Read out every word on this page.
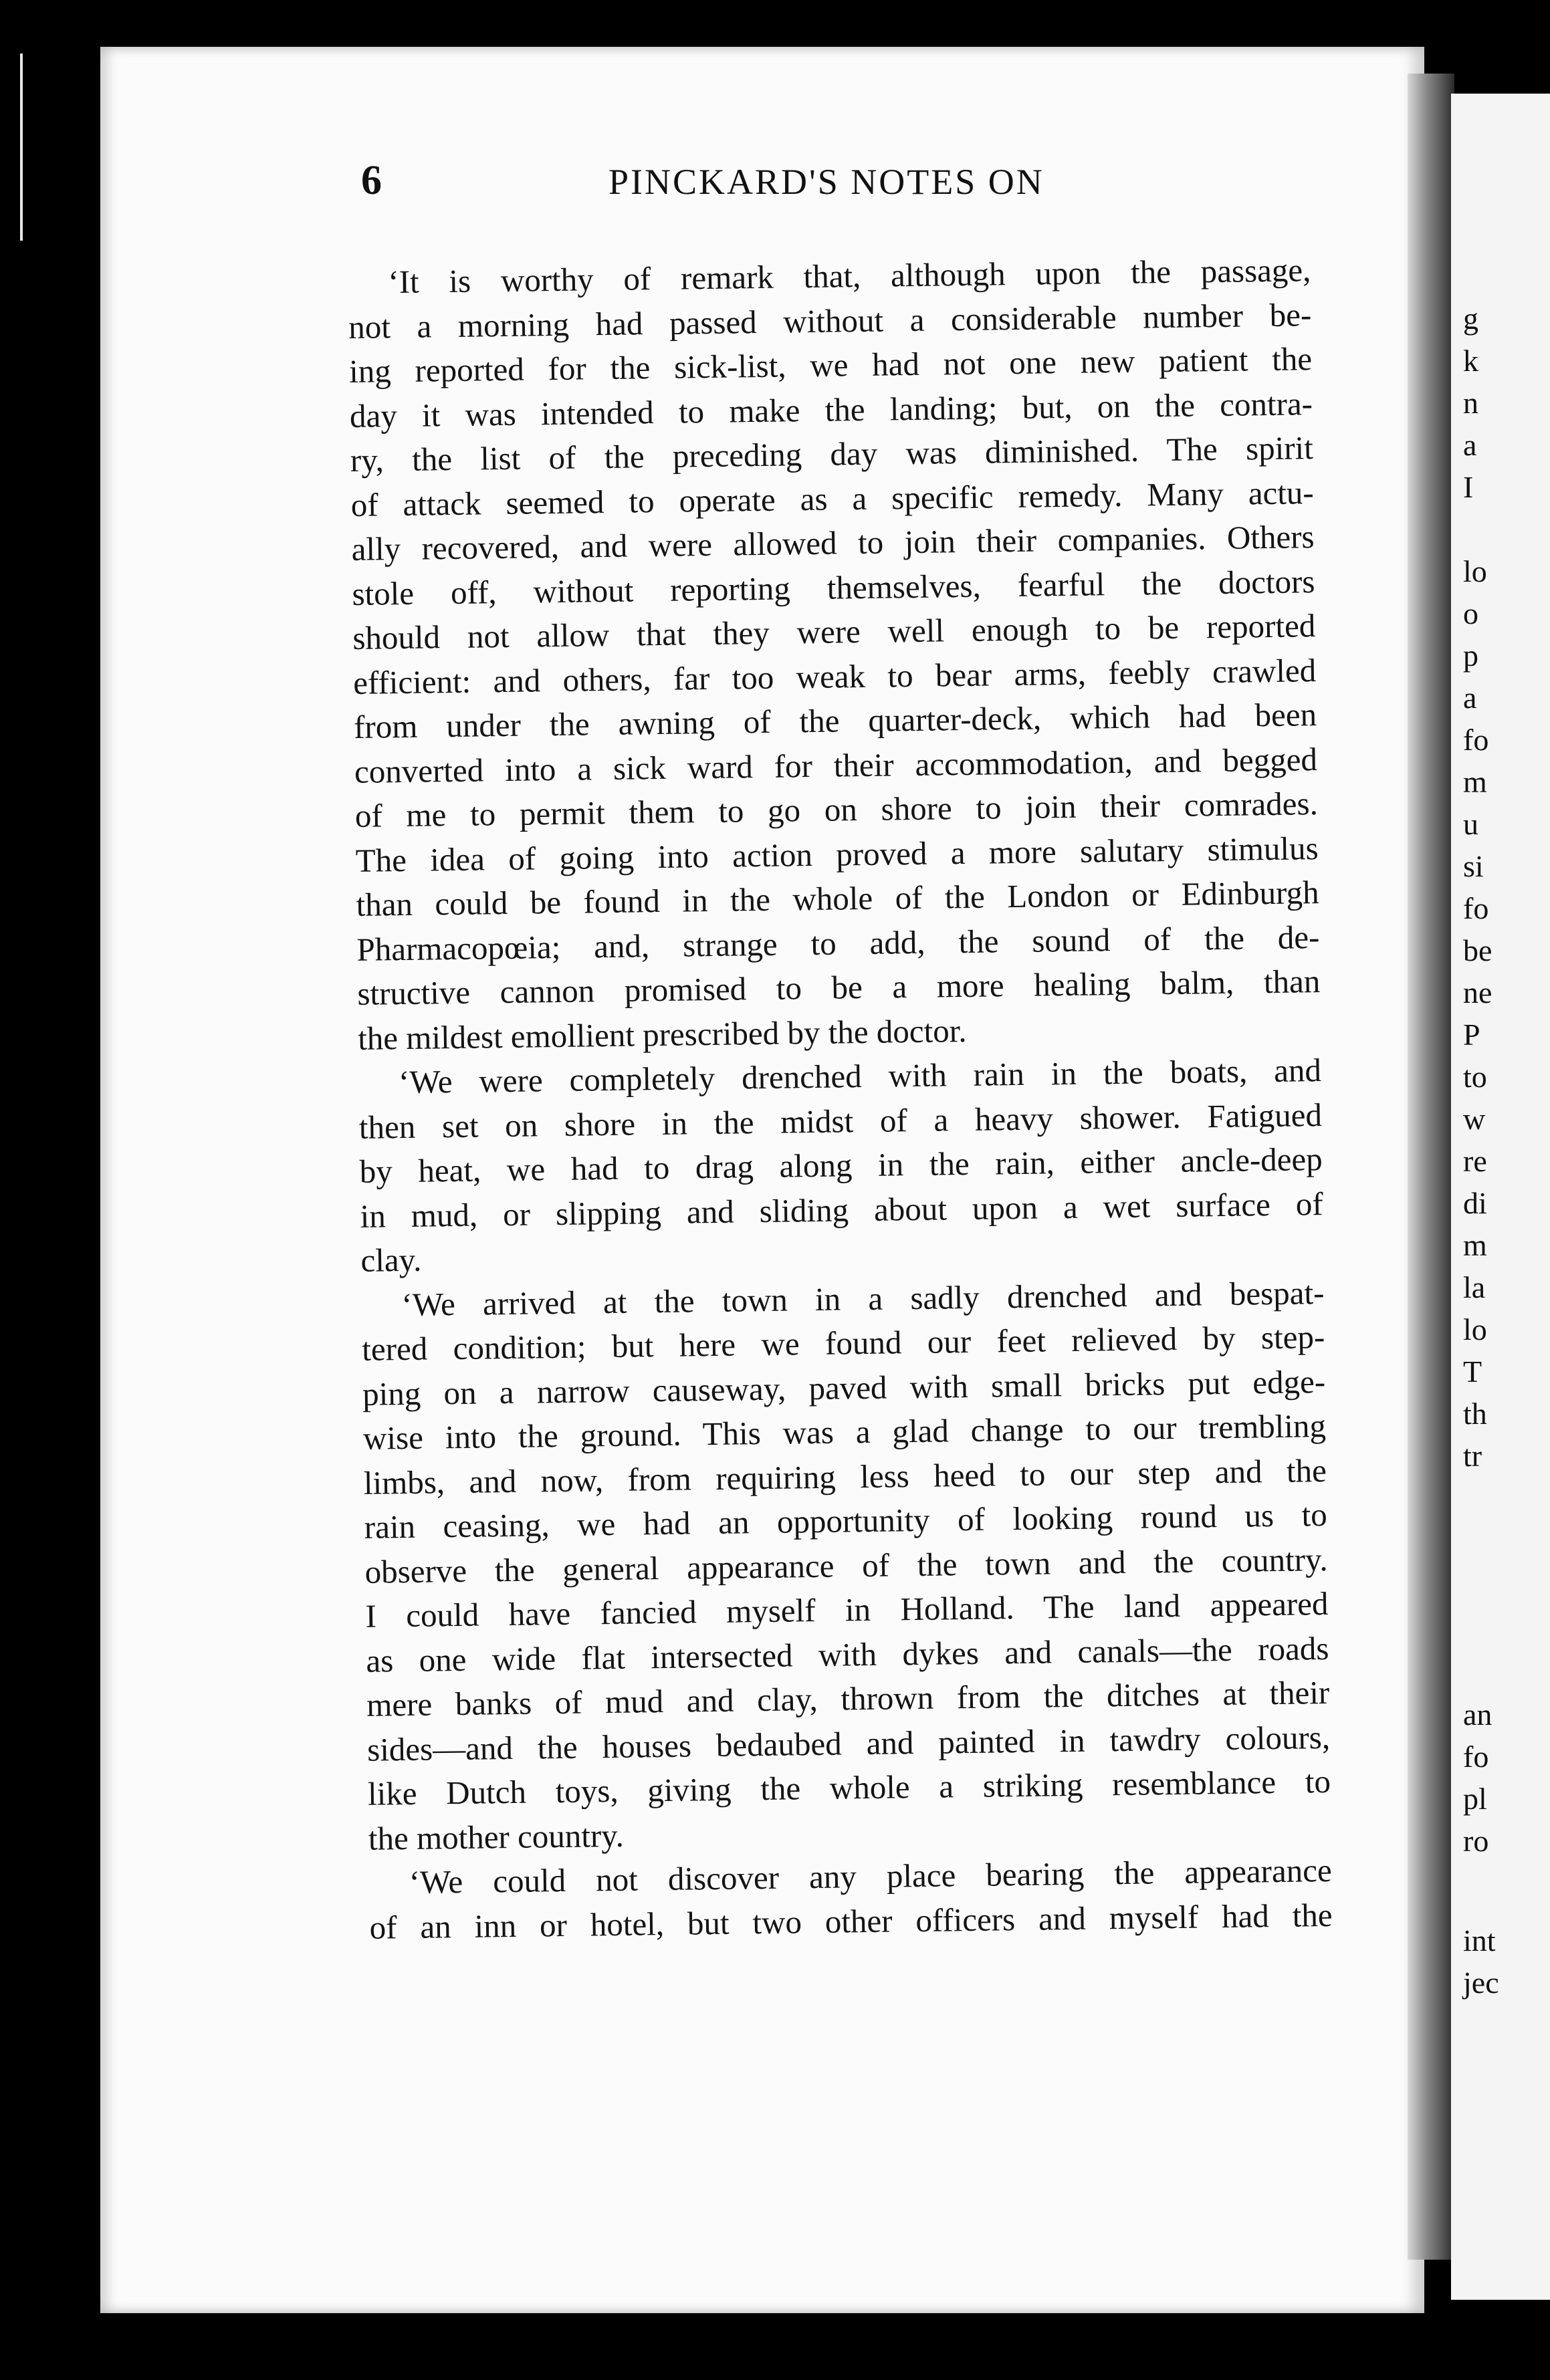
g
k
n
a
I
lo
o
p
a
fo
m
u
si
fo
be
ne
P
to
w
re
di
m
la
lo
T
th
tr
an
fo
pl
ro
int
jec
6	PINCKARD'S NOTES ON
‘It is worthy of remark that, although upon the passage,
not a morning had passed without a considerable number be-
ing reported for the sick-list, we had not one new patient the
day it was intended to make the landing; but, on the contra-
ry, the list of the preceding day was diminished. The spirit
of attack seemed to operate as a specific remedy. Many actu-
ally recovered, and were allowed to join their companies. Others
stole off, without reporting themselves, fearful the doctors
should not allow that they were well enough to be reported
efficient: and others, far too weak to bear arms, feebly crawled
from under the awning of the quarter-deck, which had been
converted into a sick ward for their accommodation, and begged
of me to permit them to go on shore to join their comrades.
The idea of going into action proved a more salutary stimulus
than could be found in the whole of the London or Edinburgh
Pharmacopœia; and, strange to add, the sound of the de-
structive cannon promised to be a more healing balm, than
the mildest emollient prescribed by the doctor.
‘We were completely drenched with rain in the boats, and
then set on shore in the midst of a heavy shower. Fatigued
by heat, we had to drag along in the rain, either ancle-deep
in mud, or slipping and sliding about upon a wet surface of
clay.
‘We arrived at the town in a sadly drenched and bespat-
tered condition; but here we found our feet relieved by step-
ping on a narrow causeway, paved with small bricks put edge-
wise into the ground. This was a glad change to our trembling
limbs, and now, from requiring less heed to our step and the
rain ceasing, we had an opportunity of looking round us to
observe the general appearance of the town and the country.
I could have fancied myself in Holland. The land appeared
as one wide flat intersected with dykes and canals—the roads
mere banks of mud and clay, thrown from the ditches at their
sides—and the houses bedaubed and painted in tawdry colours,
like Dutch toys, giving the whole a striking resemblance to
the mother country.
‘We could not discover any place bearing the appearance
of an inn or hotel, but two other officers and myself had the
